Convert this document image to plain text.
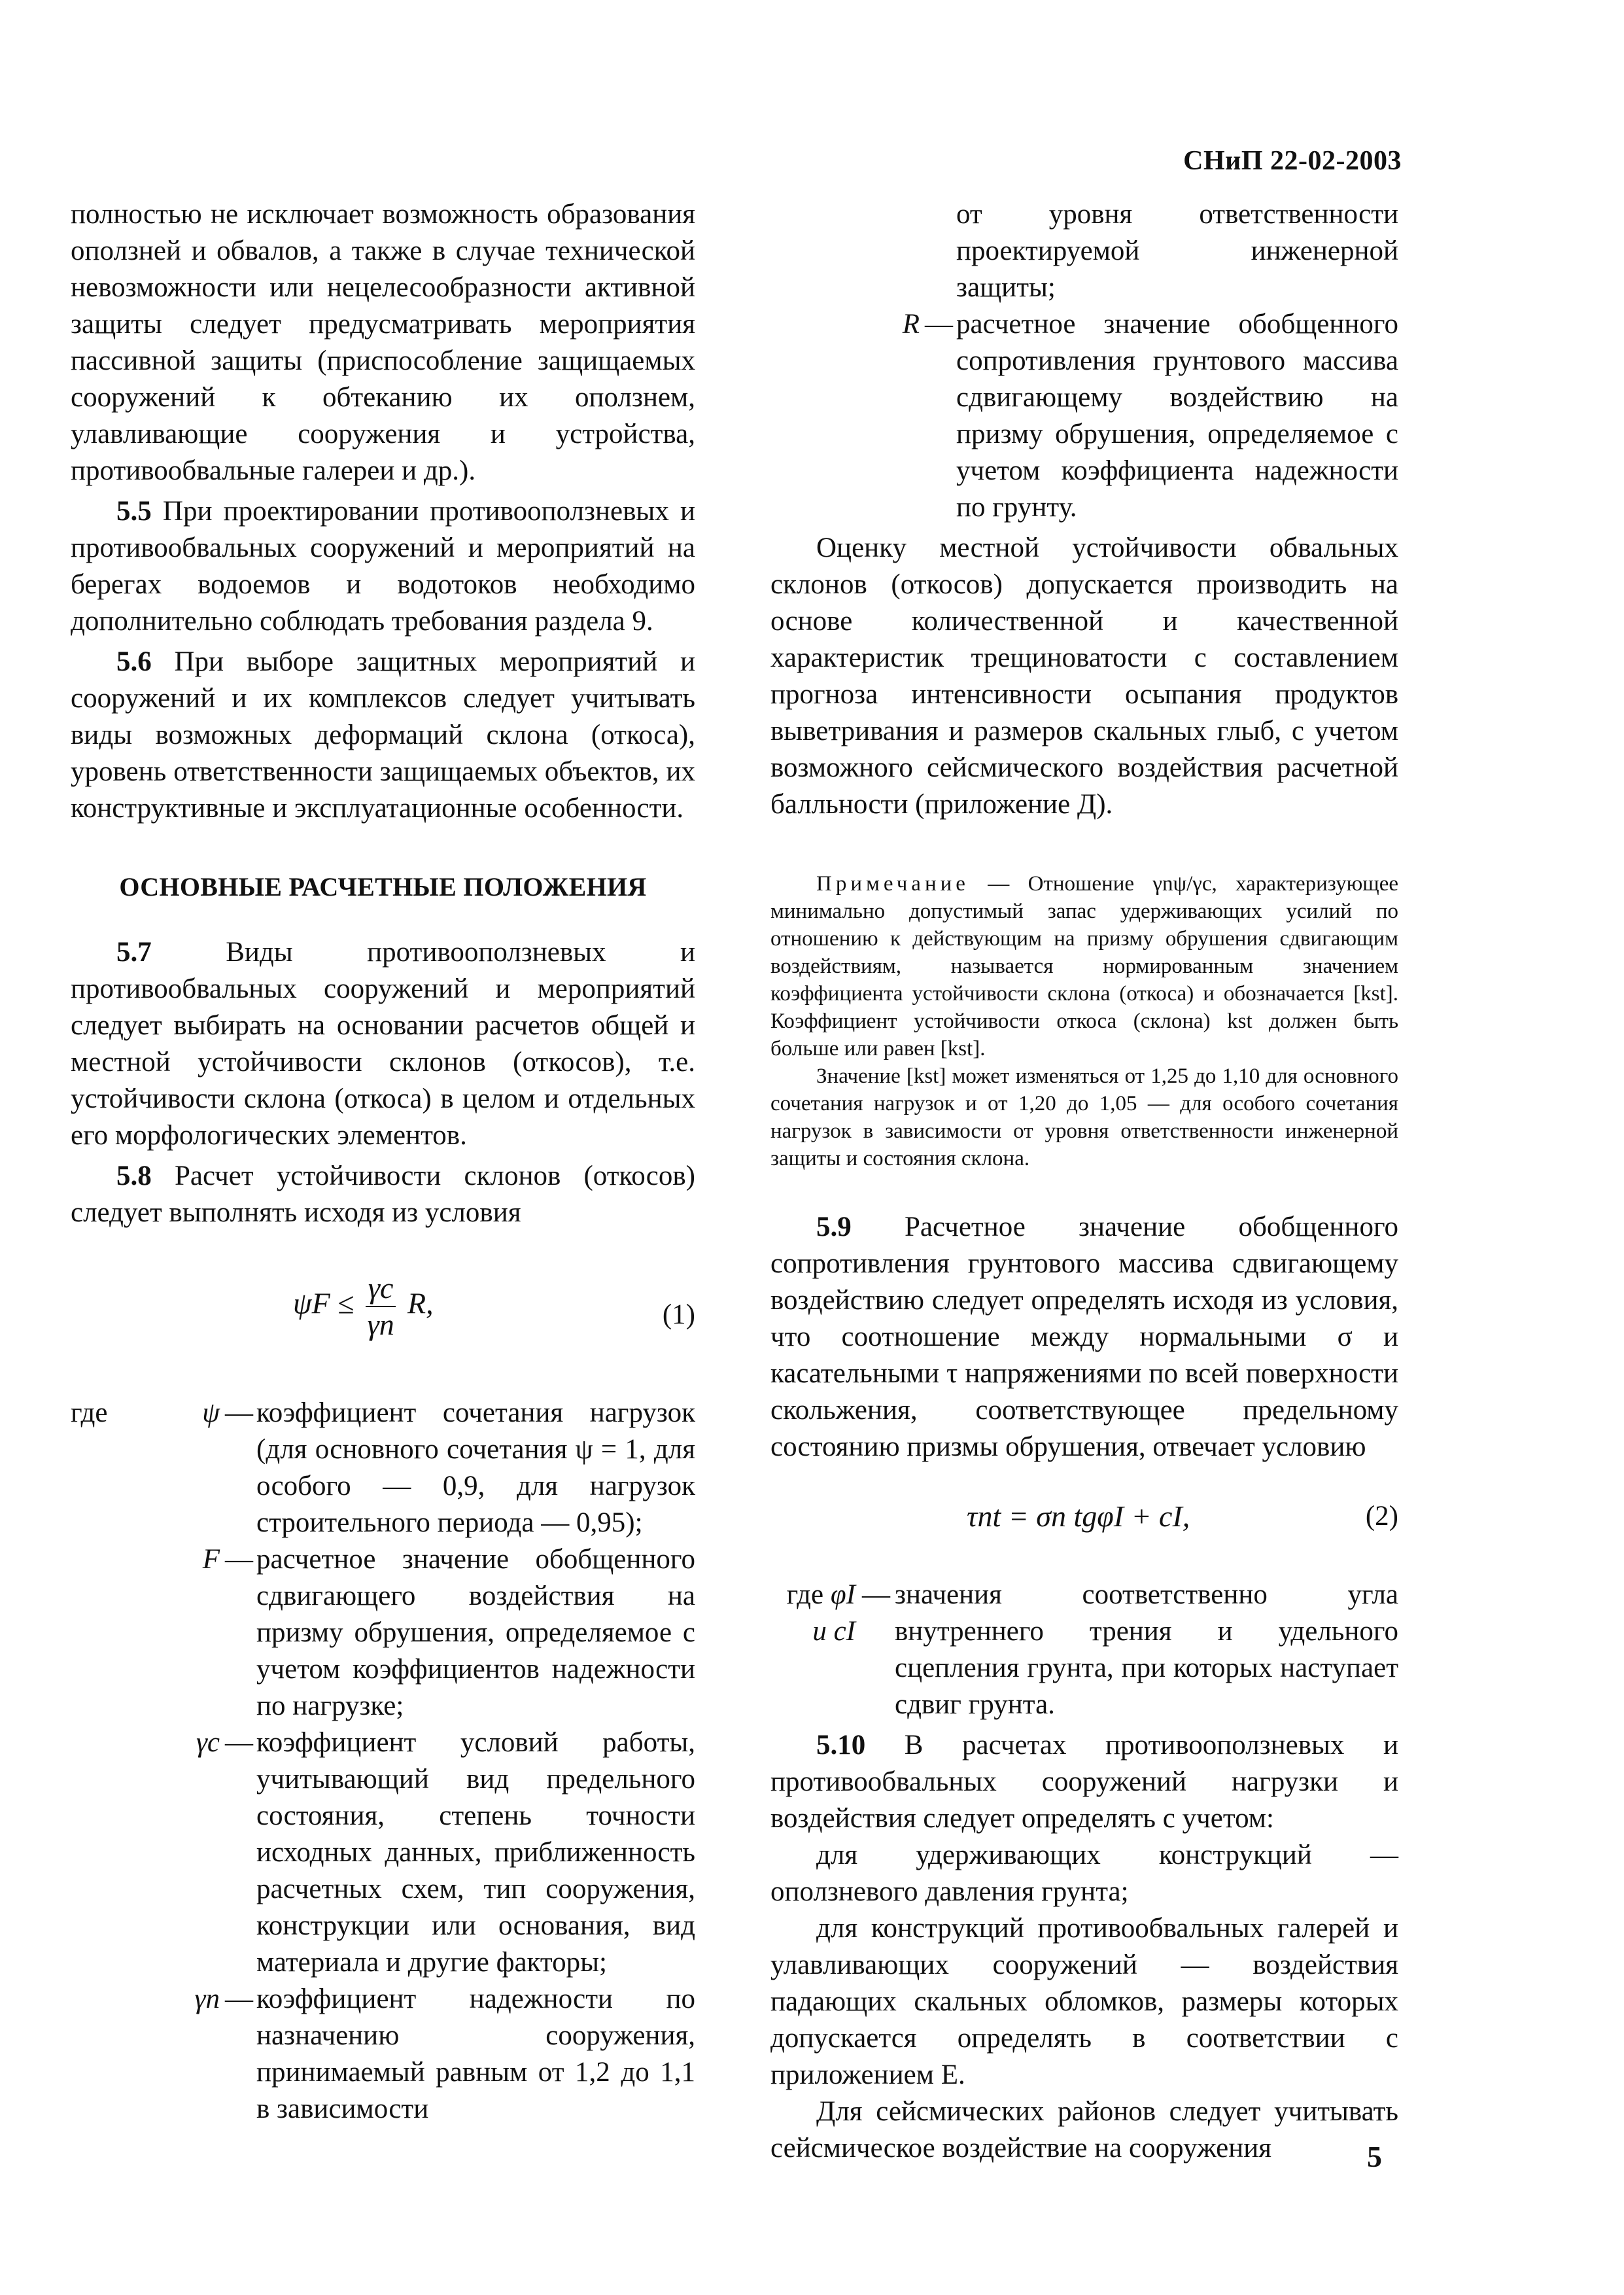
СНиП 22-02-2003

полностью не исключает возможность образования оползней и обвалов, а также в случае технической невозможности или нецелесообразности активной защиты следует предусматривать мероприятия пассивной защиты (приспособление защищаемых сооружений к обтеканию их оползнем, улавливающие сооружения и устройства, противообвальные галереи и др.).

5.5 При проектировании противооползневых и противообвальных сооружений и мероприятий на берегах водоемов и водотоков необходимо дополнительно соблюдать требования раздела 9.

5.6 При выборе защитных мероприятий и сооружений и их комплексов следует учитывать виды возможных деформаций склона (откоса), уровень ответственности защищаемых объектов, их конструктивные и эксплуатационные особенности.

ОСНОВНЫЕ РАСЧЕТНЫЕ ПОЛОЖЕНИЯ

5.7	Виды противооползневых и противообвальных сооружений и мероприятий следует выбирать на основании расчетов общей и местной устойчивости склонов (откосов), т.е. устойчивости склона (откоса) в целом и отдельных его морфологических элементов.

5.8 Расчет устойчивости склонов (откосов) следует выполнять исходя из условия

$\psi F \le \frac{\gamma c}{\gamma n} R$,	(1)
где	ψ — коэффициент сочетания нагрузок (для основного сочетания ψ = 1, для особого — 0,9, для нагрузок строительного периода — 0,95);
F — расчетное значение обобщенного сдвигающего воздействия на призму обрушения, определяемое с учетом коэффициентов надежности по нагрузке;
γc — коэффициент условий работы, учитывающий вид предельного состояния, степень точности исходных данных, приближенность расчетных схем, тип сооружения, конструкции или основания, вид материала и другие факторы;
γn — коэффициент надежности по назначению сооружения, принимаемый равным от 1,2 до 1,1 в зависимости
от уровня ответственности проектируемой инженерной защиты;
R — расчетное значение обобщенного сопротивления грунтового массива сдвигающему воздействию на призму обрушения, определяемое с учетом коэффициента надежности по грунту.

Оценку местной устойчивости обвальных склонов (откосов) допускается производить на основе количественной и качественной характеристик трещиноватости с составлением прогноза интенсивности осыпания продуктов выветривания и размеров скальных глыб, с учетом возможного сейсмического воздействия расчетной балльности (приложение Д).

Примечание — Отношение γnψ/γc, характеризующее минимально допустимый запас удерживающих усилий по отношению к действующим на призму обрушения сдвигающим воздействиям, называется нормированным значением коэффициента устойчивости склона (откоса) и обозначается [kst]. Коэффициент устойчивости откоса (склона) kst должен быть больше или равен [kst].

Значение [kst] может изменяться от 1,25 до 1,10 для основного сочетания нагрузок и от 1,20 до 1,05 — для особого сочетания нагрузок в зависимости от уровня ответственности инженерной защиты и состояния склона.

5.9 Расчетное значение обобщенного сопротивления грунтового массива сдвигающему воздействию следует определять исходя из условия, что соотношение между нормальными σ и касательными τ напряжениями по всей поверхности скольжения, соответствующее предельному состоянию призмы обрушения, отвечает условию

τnt = σn tgφI + cI,	(2)
где φI и cI
— значения соответственно угла внутреннего трения и удельного сцепления грунта, при которых наступает сдвиг грунта.

5.10 В расчетах противооползневых и противообвальных сооружений нагрузки и воздействия следует определять с учетом:

для удерживающих конструкций — оползневого давления грунта;

для конструкций противообвальных галерей и улавливающих сооружений — воздействия падающих скальных обломков, размеры которых допускается определять в соответствии с приложением Е.

Для сейсмических районов следует учитывать сейсмическое воздействие на сооружения	5
